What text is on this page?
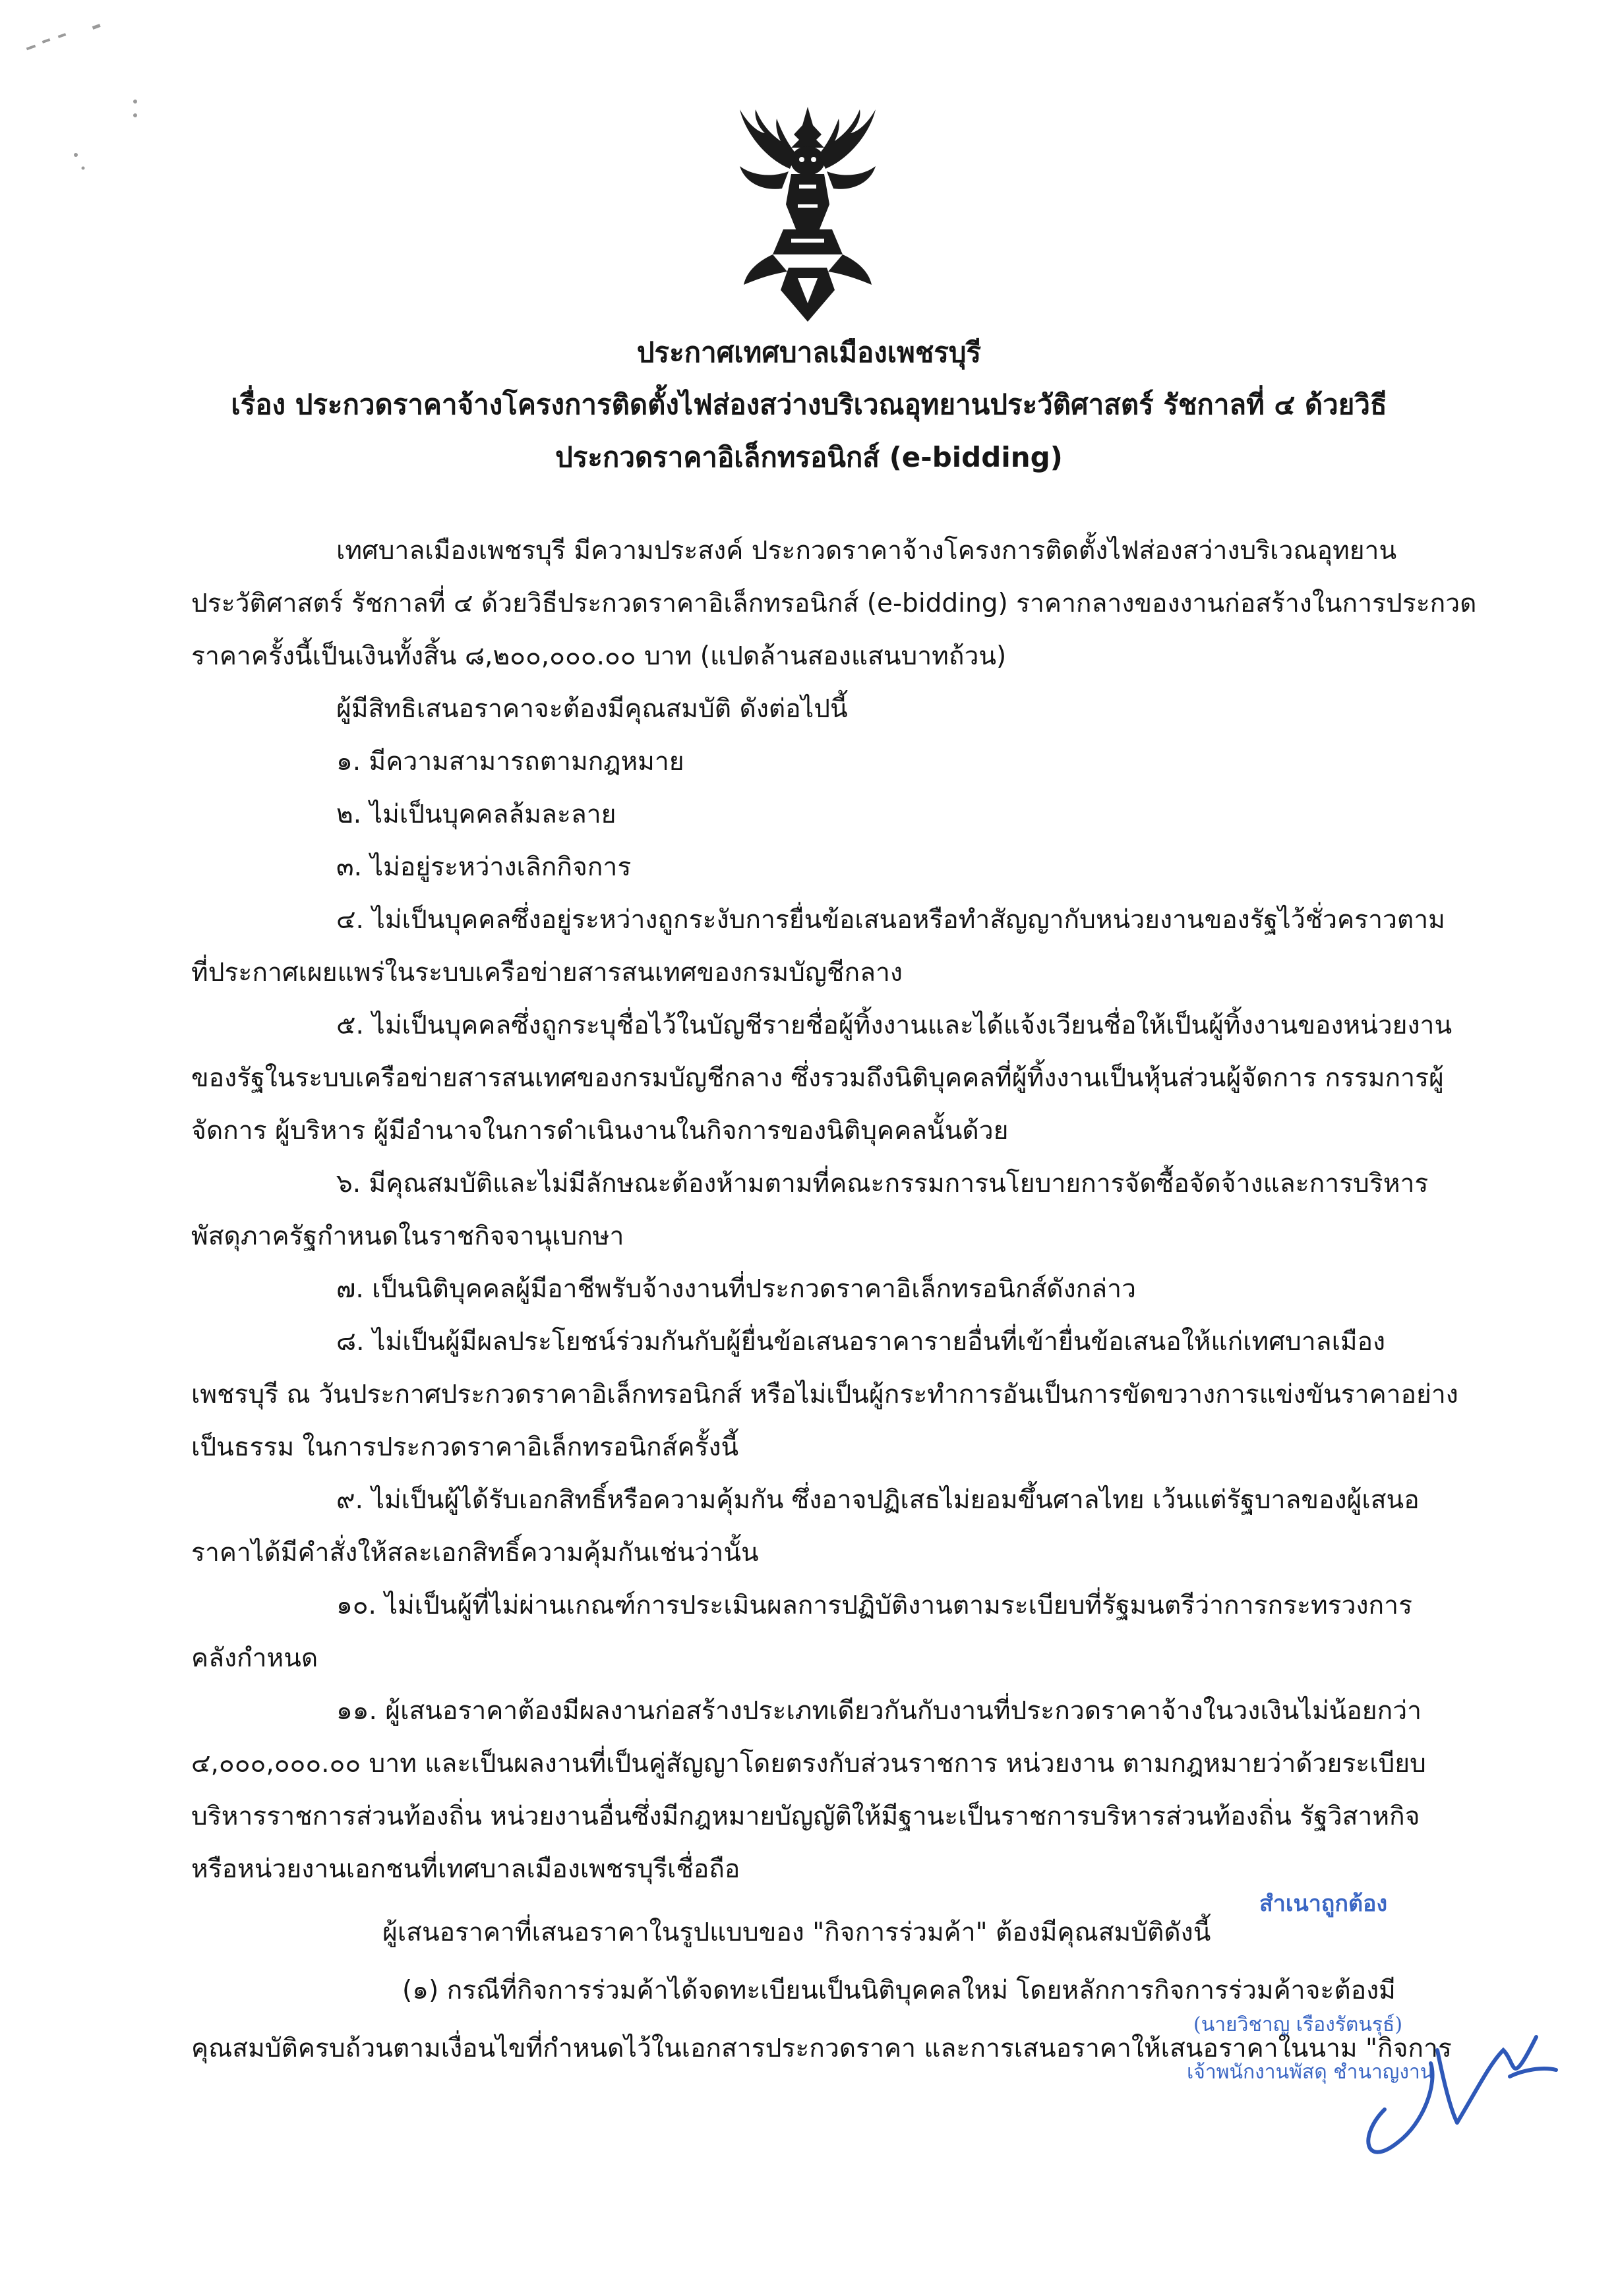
ประกาศเทศบาลเมืองเพชรบุรี
เรื่อง ประกวดราคาจ้างโครงการติดตั้งไฟส่องสว่างบริเวณอุทยานประวัติศาสตร์ รัชกาลที่ ๔ ด้วยวิธี
ประกวดราคาอิเล็กทรอนิกส์ (e-bidding)
เทศบาลเมืองเพชรบุรี มีความประสงค์ ประกวดราคาจ้างโครงการติดตั้งไฟส่องสว่างบริเวณอุทยาน
ประวัติศาสตร์ รัชกาลที่ ๔ ด้วยวิธีประกวดราคาอิเล็กทรอนิกส์ (e-bidding) ราคากลางของงานก่อสร้างในการประกวด
ราคาครั้งนี้เป็นเงินทั้งสิ้น ๘,๒๐๐,๐๐๐.๐๐ บาท (แปดล้านสองแสนบาทถ้วน)
ผู้มีสิทธิเสนอราคาจะต้องมีคุณสมบัติ ดังต่อไปนี้
๑. มีความสามารถตามกฎหมาย
๒. ไม่เป็นบุคคลล้มละลาย
๓. ไม่อยู่ระหว่างเลิกกิจการ
๔. ไม่เป็นบุคคลซึ่งอยู่ระหว่างถูกระงับการยื่นข้อเสนอหรือทำสัญญากับหน่วยงานของรัฐไว้ชั่วคราวตาม
ที่ประกาศเผยแพร่ในระบบเครือข่ายสารสนเทศของกรมบัญชีกลาง
๕. ไม่เป็นบุคคลซึ่งถูกระบุชื่อไว้ในบัญชีรายชื่อผู้ทิ้งงานและได้แจ้งเวียนชื่อให้เป็นผู้ทิ้งงานของหน่วยงาน
ของรัฐในระบบเครือข่ายสารสนเทศของกรมบัญชีกลาง ซึ่งรวมถึงนิติบุคคลที่ผู้ทิ้งงานเป็นหุ้นส่วนผู้จัดการ กรรมการผู้
จัดการ ผู้บริหาร ผู้มีอำนาจในการดำเนินงานในกิจการของนิติบุคคลนั้นด้วย
๖. มีคุณสมบัติและไม่มีลักษณะต้องห้ามตามที่คณะกรรมการนโยบายการจัดซื้อจัดจ้างและการบริหาร
พัสดุภาครัฐกำหนดในราชกิจจานุเบกษา
๗. เป็นนิติบุคคลผู้มีอาชีพรับจ้างงานที่ประกวดราคาอิเล็กทรอนิกส์ดังกล่าว
๘. ไม่เป็นผู้มีผลประโยชน์ร่วมกันกับผู้ยื่นข้อเสนอราคารายอื่นที่เข้ายื่นข้อเสนอให้แก่เทศบาลเมือง
เพชรบุรี ณ วันประกาศประกวดราคาอิเล็กทรอนิกส์ หรือไม่เป็นผู้กระทำการอันเป็นการขัดขวางการแข่งขันราคาอย่าง
เป็นธรรม ในการประกวดราคาอิเล็กทรอนิกส์ครั้งนี้
๙. ไม่เป็นผู้ได้รับเอกสิทธิ์หรือความคุ้มกัน ซึ่งอาจปฏิเสธไม่ยอมขึ้นศาลไทย เว้นแต่รัฐบาลของผู้เสนอ
ราคาได้มีคำสั่งให้สละเอกสิทธิ์ความคุ้มกันเช่นว่านั้น
๑๐. ไม่เป็นผู้ที่ไม่ผ่านเกณฑ์การประเมินผลการปฏิบัติงานตามระเบียบที่รัฐมนตรีว่าการกระทรวงการ
คลังกำหนด
๑๑. ผู้เสนอราคาต้องมีผลงานก่อสร้างประเภทเดียวกันกับงานที่ประกวดราคาจ้างในวงเงินไม่น้อยกว่า
๔,๐๐๐,๐๐๐.๐๐ บาท และเป็นผลงานที่เป็นคู่สัญญาโดยตรงกับส่วนราชการ หน่วยงาน ตามกฎหมายว่าด้วยระเบียบ
บริหารราชการส่วนท้องถิ่น หน่วยงานอื่นซึ่งมีกฎหมายบัญญัติให้มีฐานะเป็นราชการบริหารส่วนท้องถิ่น รัฐวิสาหกิจ
หรือหน่วยงานเอกชนที่เทศบาลเมืองเพชรบุรีเชื่อถือ
ผู้เสนอราคาที่เสนอราคาในรูปแบบของ "กิจการร่วมค้า" ต้องมีคุณสมบัติดังนี้
(๑) กรณีที่กิจการร่วมค้าได้จดทะเบียนเป็นนิติบุคคลใหม่ โดยหลักการกิจการร่วมค้าจะต้องมี
คุณสมบัติครบถ้วนตามเงื่อนไขที่กำหนดไว้ในเอกสารประกวดราคา และการเสนอราคาให้เสนอราคาในนาม "กิจการ
สำเนาถูกต้อง
(นายวิชาญ เรืองรัตนรุธ์)
เจ้าพนักงานพัสดุ ชำนาญงาน
